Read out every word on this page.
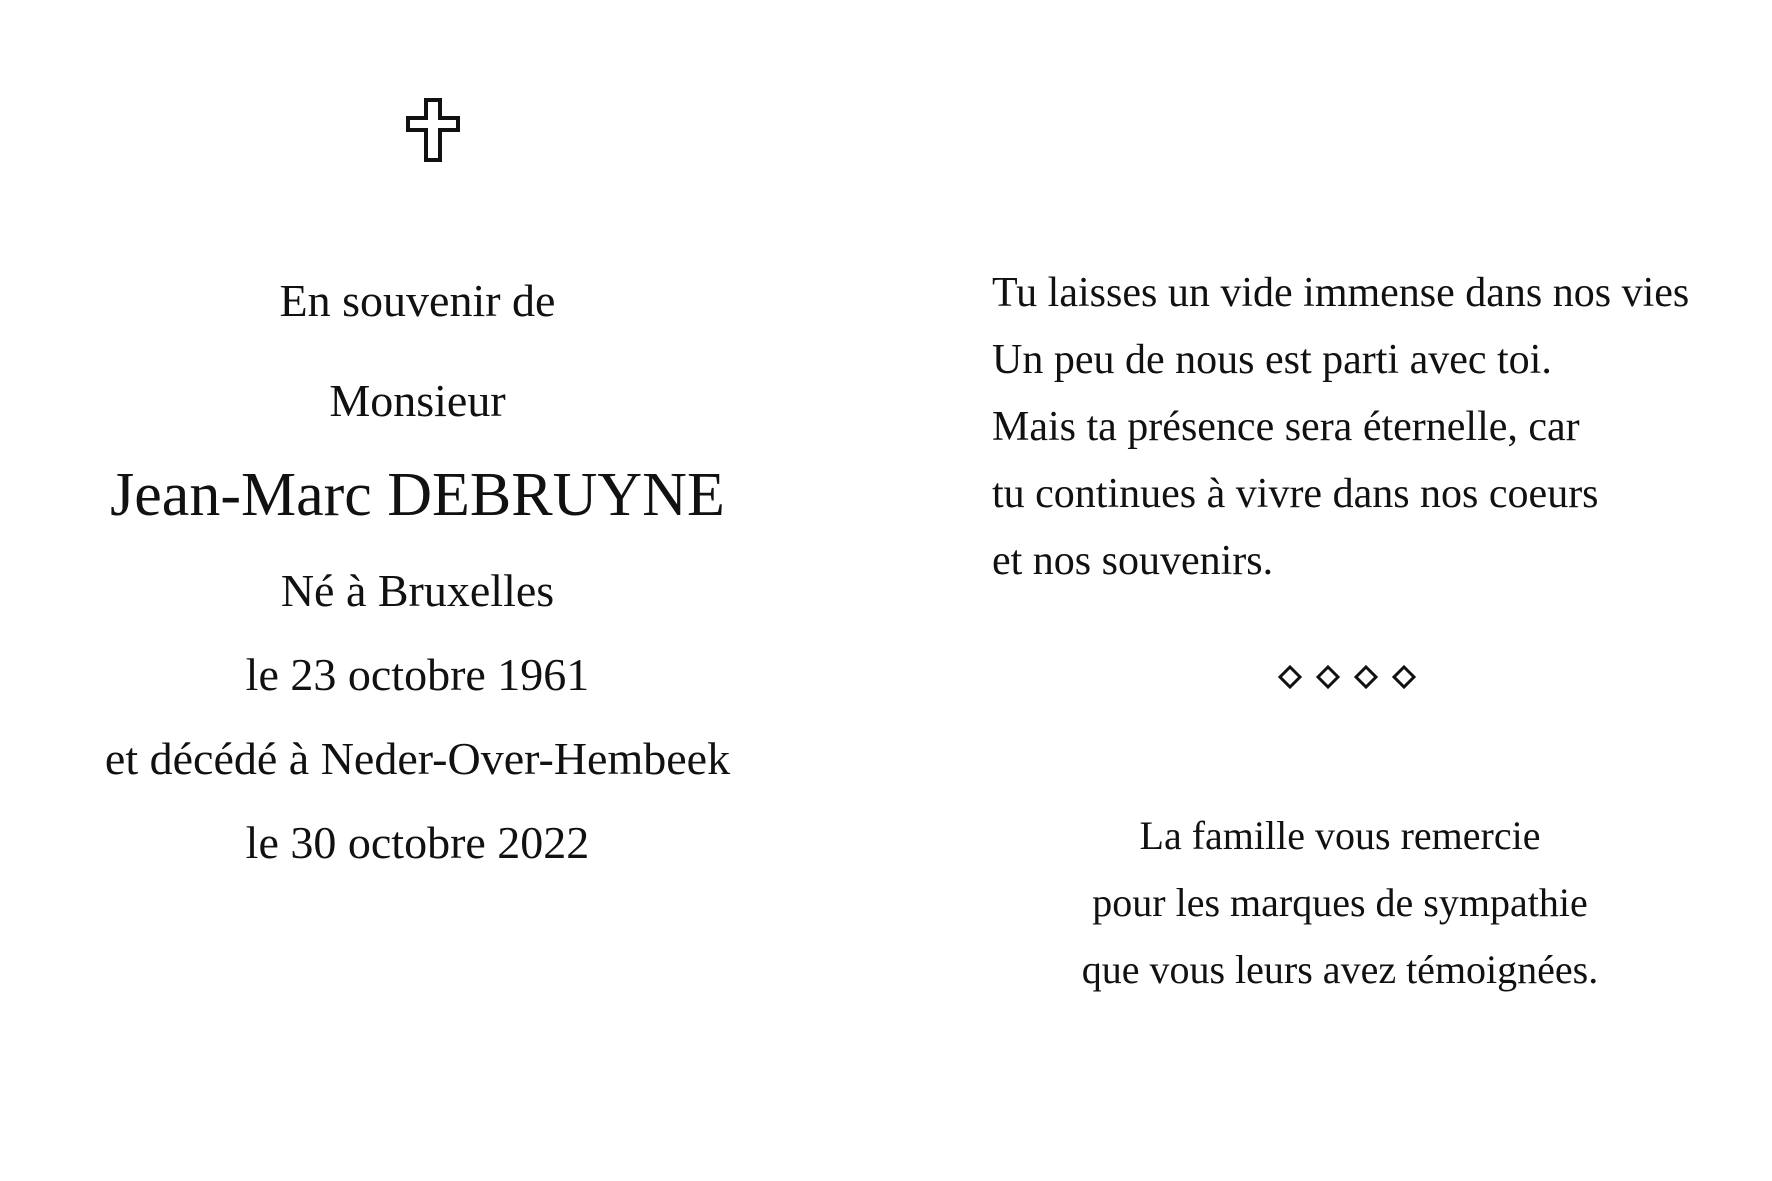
En souvenir de
Monsieur
Jean-Marc DEBRUYNE
Né à Bruxelles
le 23 octobre 1961
et décédé à Neder-Over-Hembeek
le 30 octobre 2022
Tu laisses un vide immense dans nos vies
Un peu de nous est parti avec toi.
Mais ta présence sera éternelle, car
tu continues à vivre dans nos coeurs
et nos souvenirs.
La famille vous remercie
pour les marques de sympathie
que vous leurs avez témoignées.
